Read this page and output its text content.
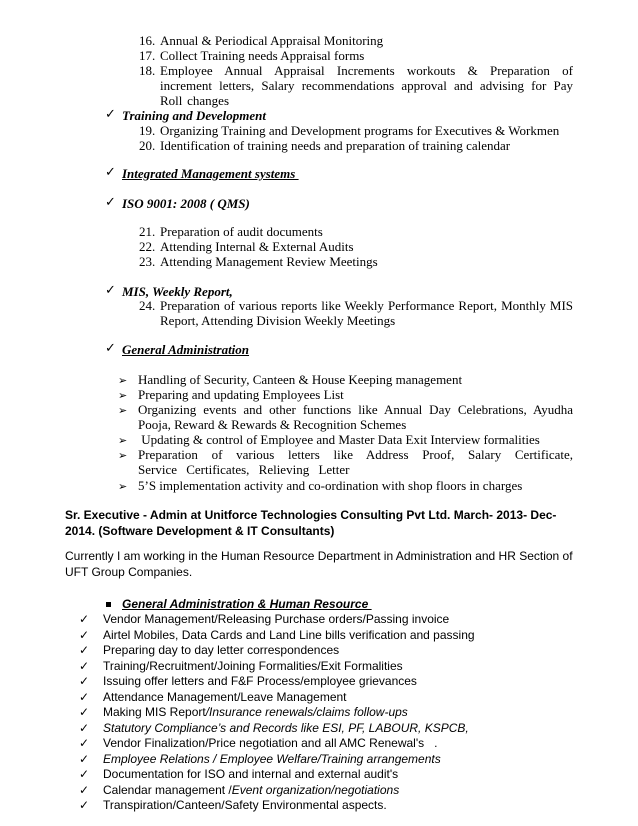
16. Annual & Periodical Appraisal Monitoring
17. Collect Training needs Appraisal forms
18. Employee Annual Appraisal Increments workouts & Preparation of increment letters, Salary recommendations approval and advising for Pay Roll changes
✓ Training and Development
19. Organizing Training and Development programs for Executives & Workmen
20. Identification of training needs and preparation of training calendar
✓ Integrated Management systems
✓ ISO 9001: 2008 ( QMS)
21. Preparation of audit documents
22. Attending Internal & External Audits
23. Attending Management Review Meetings
✓ MIS, Weekly Report,
24. Preparation of various reports like Weekly Performance Report, Monthly MIS Report, Attending Division Weekly Meetings
✓ General Administration
➢ Handling of Security, Canteen & House Keeping management
➢ Preparing and updating Employees List
➢ Organizing events and other functions like Annual Day Celebrations, Ayudha Pooja, Reward & Rewards & Recognition Schemes
➢ Updating & control of Employee and Master Data Exit Interview formalities
➢ Preparation of various letters like Address Proof, Salary Certificate, Service Certificates, Relieving Letter
➢ 5’S implementation activity and co-ordination with shop floors in charges
Sr. Executive - Admin at Unitforce Technologies Consulting Pvt Ltd. March- 2013- Dec-2014. (Software Development & IT Consultants)
Currently I am working in the Human Resource Department in Administration and HR Section of UFT Group Companies.
General Administration & Human Resource
✓ Vendor Management/Releasing Purchase orders/Passing invoice
✓ Airtel Mobiles, Data Cards and Land Line bills verification and passing
✓ Preparing day to day letter correspondences
✓ Training/Recruitment/Joining Formalities/Exit Formalities
✓ Issuing offer letters and F&F Process/employee grievances
✓ Attendance Management/Leave Management
✓ Making MIS Report/Insurance renewals/claims follow-ups
✓ Statutory Compliance’s and Records like ESI, PF, LABOUR, KSPCB,
✓ Vendor Finalization/Price negotiation and all AMC Renewal's   .
✓ Employee Relations / Employee Welfare/Training arrangements
✓ Documentation for ISO and internal and external audit's
✓ Calendar management /Event organization/negotiations
✓ Transpiration/Canteen/Safety Environmental aspects.
